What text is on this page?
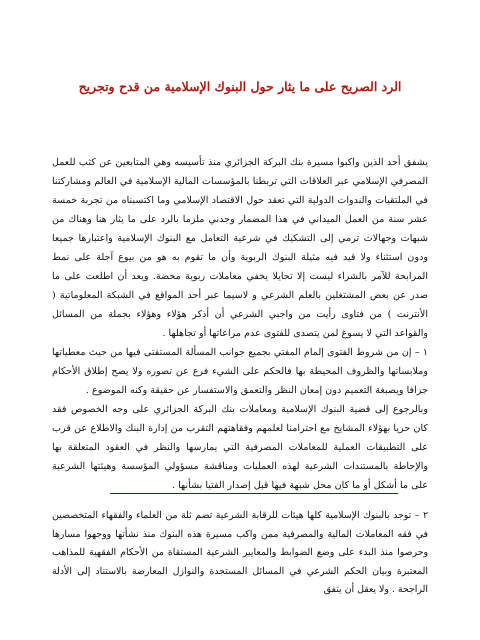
الرد الصريح على ما يثار حول البنوك الإسلامية من قدح وتجريح

يشفق أحد الذين واكبوا مسيرة بنك البركة الجزائري منذ تأسيسه وهي المتابعين عن كثب للعمل المصرفي الإسلامي عبر العلاقات التي تربطنا بالمؤسسات المالية الإسلامية في العالم ومشاركتنا في الملتقيات والندوات الدولية التي تعقد حول الاقتصاد الإسلامي وما اكتسبناه من تجربة خمسة عشر سنة من العمل الميداني في هذا المضمار وجدني ملزما بالرد على ما يثار هنا وهناك من شبهات وجهالات ترمي إلى التشكيك في شرعية التعامل مع البنوك الإسلامية واعتبارها جميعا ودون استثناء ولا قيد فيه مثيلة البنوك الربوية وأن ما تقوم به هو من بيوع آجلة على نمط المرابحة للآمر بالشراء ليست إلا تحايلا يخفي معاملات ربوية محضة. ويعد أن اطلعت على ما صدر عن بعض المشتغلين بالعلم الشرعي و لاسيما عبر أحد المواقع في الشبكة المعلوماتية ( الأنترنت ) من فتاوى رأيت من واجبي الشرعي أن أذكر هؤلاء وهؤلاء بجملة من المسائل والقواعد التي لا يسوغ لمن يتصدى للفتوى عدم مراعاتها أو تجاهلها .

١ – إن من شروط الفتوى إلمام المفتي بجميع جوانب المسألة المستفتى فيها من حيث معطياتها وملابساتها والظروف المحيطة بها فالحكم على الشيء فرع عن تصوره ولا يصح إطلاق الأحكام جزافا ويصبغة التعميم دون إمعان النظر والتعمق والاستفسار عن حقيقة وكنه الموضوع .

وبالرجوع إلى قضية البنوك الإسلامية ومعاملات بنك البركة الجزائري على وجه الخصوص فقد كان حريا بهؤلاء المشايخ مع احترامنا لعلمهم وفقاهتهم التقرب من إدارة البنك والاطلاع عن قرب على التطبيقات العملية للمعاملات المصرفية التي يمارسها والنظر في العقود المتعلقة بها والإحاطة بالمستندات الشرعية لهذه العمليات ومناقشة مسؤولي المؤسسة وهيئتها الشرعية على ما أشكل أو ما كان محل شبهة فيها قبل إصدار الفتيا بشأنها .

٢ – توجد بالبنوك الإسلامية كلها هيئات للرقابة الشرعية تضم ثلة من العلماء والفقهاء المتخصصين في فقه المعاملات المالية والمصرفية ممن واكب مسيرة هذه البنوك منذ نشأتها ووجهوا مسارها وحرصوا منذ البدء على وضع الضوابط والمعايير الشرعية المستقاة من الأحكام الفقهية للمذاهب المعتبرة وبيان الحكم الشرعي في المسائل المستجدة والنوازل المعارضة بالاستناد إلى الأدلة الراجحة . ولا يعقل أن يتفق
